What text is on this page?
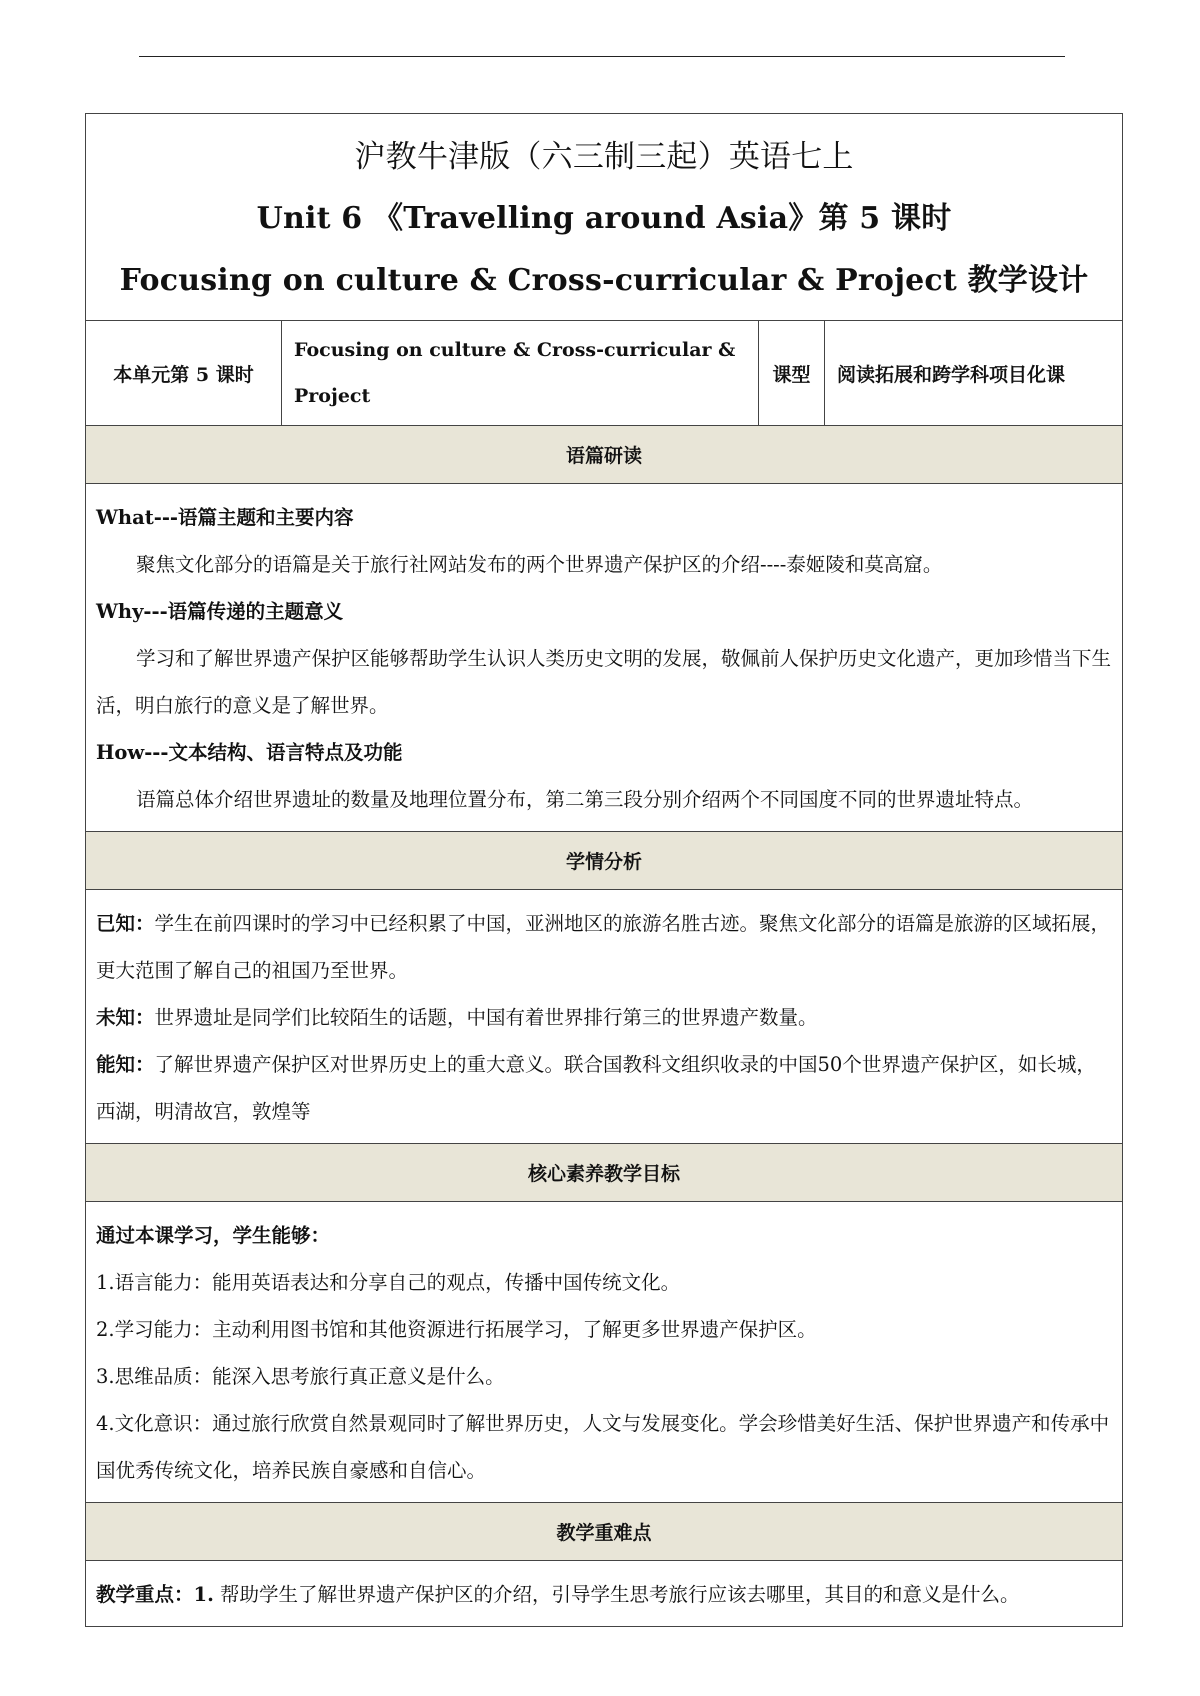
沪教牛津版（六三制三起）英语七上
Unit 6 《Travelling around Asia》第 5 课时
Focusing on culture & Cross-curricular & Project 教学设计

本单元第 5 课时	Focusing on culture & Cross-curricular & Project	课型	阅读拓展和跨学科项目化课
语篇研读

What---语篇主题和主要内容

聚焦文化部分的语篇是关于旅行社网站发布的两个世界遗产保护区的介绍----泰姬陵和莫高窟。

Why---语篇传递的主题意义

学习和了解世界遗产保护区能够帮助学生认识人类历史文明的发展，敬佩前人保护历史文化遗产，更加珍惜当下生活，明白旅行的意义是了解世界。

How---文本结构、语言特点及功能

语篇总体介绍世界遗址的数量及地理位置分布，第二第三段分别介绍两个不同国度不同的世界遗址特点。

学情分析

已知：学生在前四课时的学习中已经积累了中国，亚洲地区的旅游名胜古迹。聚焦文化部分的语篇是旅游的区域拓展，更大范围了解自己的祖国乃至世界。

未知：世界遗址是同学们比较陌生的话题，中国有着世界排行第三的世界遗产数量。

能知：了解世界遗产保护区对世界历史上的重大意义。联合国教科文组织收录的中国50个世界遗产保护区，如长城，西湖，明清故宫，敦煌等

核心素养教学目标

通过本课学习，学生能够：

1.语言能力：能用英语表达和分享自己的观点，传播中国传统文化。

2.学习能力：主动利用图书馆和其他资源进行拓展学习，了解更多世界遗产保护区。

3.思维品质：能深入思考旅行真正意义是什么。

4.文化意识：通过旅行欣赏自然景观同时了解世界历史，人文与发展变化。学会珍惜美好生活、保护世界遗产和传承中国优秀传统文化，培养民族自豪感和自信心。

教学重难点

教学重点：1. 帮助学生了解世界遗产保护区的介绍，引导学生思考旅行应该去哪里，其目的和意义是什么。
